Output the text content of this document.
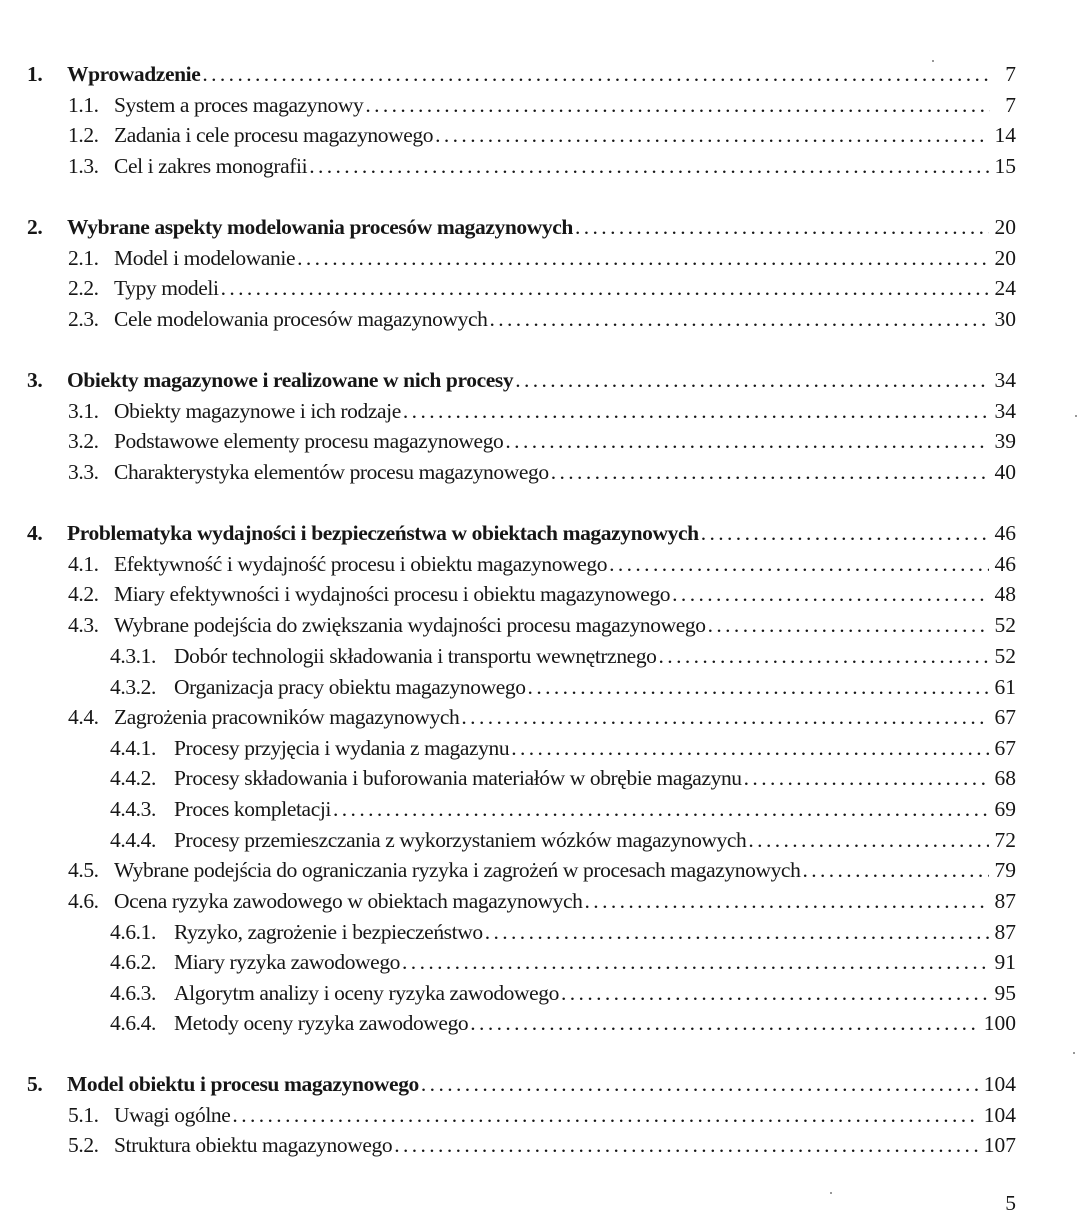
1.	Wprowadzenie .....	7
1.1. System a proces magazynowy .....	7
1.2. Zadania i cele procesu magazynowego .....	14
1.3. Cel i zakres monografii .....	15
2.	Wybrane aspekty modelowania procesów magazynowych .....	20
2.1. Model i modelowanie .....	20
2.2. Typy modeli .....	24
2.3. Cele modelowania procesów magazynowych .....	30
3.	Obiekty magazynowe i realizowane w nich procesy .....	34
3.1. Obiekty magazynowe i ich rodzaje .....	34
3.2. Podstawowe elementy procesu magazynowego .....	39
3.3. Charakterystyka elementów procesu magazynowego .....	40
4.	Problematyka wydajności i bezpieczeństwa w obiektach magazynowych .....	46
4.1. Efektywność i wydajność procesu i obiektu magazynowego .....	46
4.2. Miary efektywności i wydajności procesu i obiektu magazynowego .....	48
4.3. Wybrane podejścia do zwiększania wydajności procesu magazynowego .....	52
4.3.1. Dobór technologii składowania i transportu wewnętrznego .....	52
4.3.2. Organizacja pracy obiektu magazynowego .....	61
4.4. Zagrożenia pracowników magazynowych .....	67
4.4.1. Procesy przyjęcia i wydania z magazynu .....	67
4.4.2. Procesy składowania i buforowania materiałów w obrębie magazynu .....	68
4.4.3. Proces kompletacji .....	69
4.4.4. Procesy przemieszczania z wykorzystaniem wózków magazynowych .....	72
4.5. Wybrane podejścia do ograniczania ryzyka i zagrożeń w procesach magazynowych .....	79
4.6. Ocena ryzyka zawodowego w obiektach magazynowych .....	87
4.6.1. Ryzyko, zagrożenie i bezpieczeństwo .....	87
4.6.2. Miary ryzyka zawodowego .....	91
4.6.3. Algorytm analizy i oceny ryzyka zawodowego .....	95
4.6.4. Metody oceny ryzyka zawodowego .....	100
5.	Model obiektu i procesu magazynowego .....	104
5.1. Uwagi ogólne .....	104
5.2. Struktura obiektu magazynowego .....	107
5
